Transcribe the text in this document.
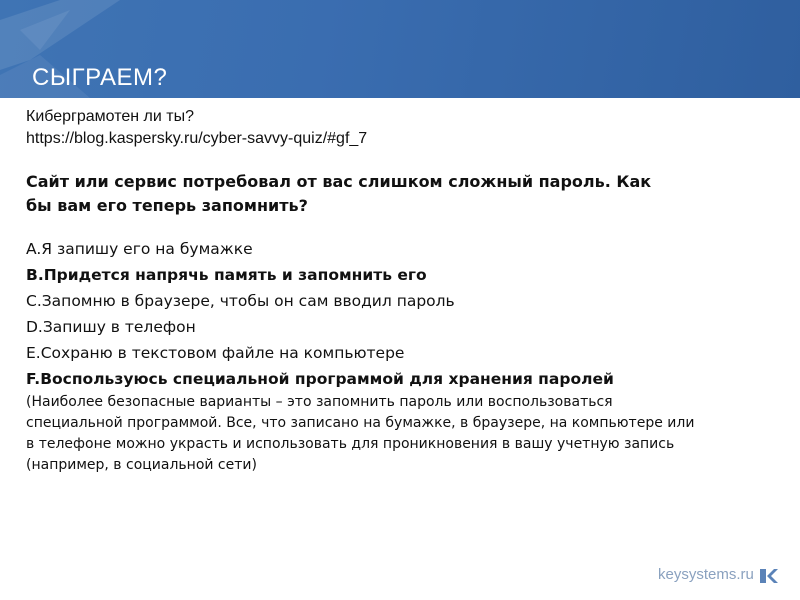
СЫГРАЕМ?

Киберграмотен ли ты?

https://blog.kaspersky.ru/cyber-savvy-quiz/#gf_7

Сайт или сервис потребовал от вас слишком сложный пароль. Как бы вам его теперь запомнить?

A.Я запишу его на бумажке

B.Придется напрячь память и запомнить его

C.Запомню в браузере, чтобы он сам вводил пароль

D.Запишу в телефон

E.Сохраню в текстовом файле на компьютере

F.Воспользуюсь специальной программой для хранения паролей

(Наиболее безопасные варианты – это запомнить пароль или воспользоваться специальной программой. Все, что записано на бумажке, в браузере, на компьютере или в телефоне можно украсть и использовать для проникновения в вашу учетную запись (например, в социальной сети)

keysystems.ru
